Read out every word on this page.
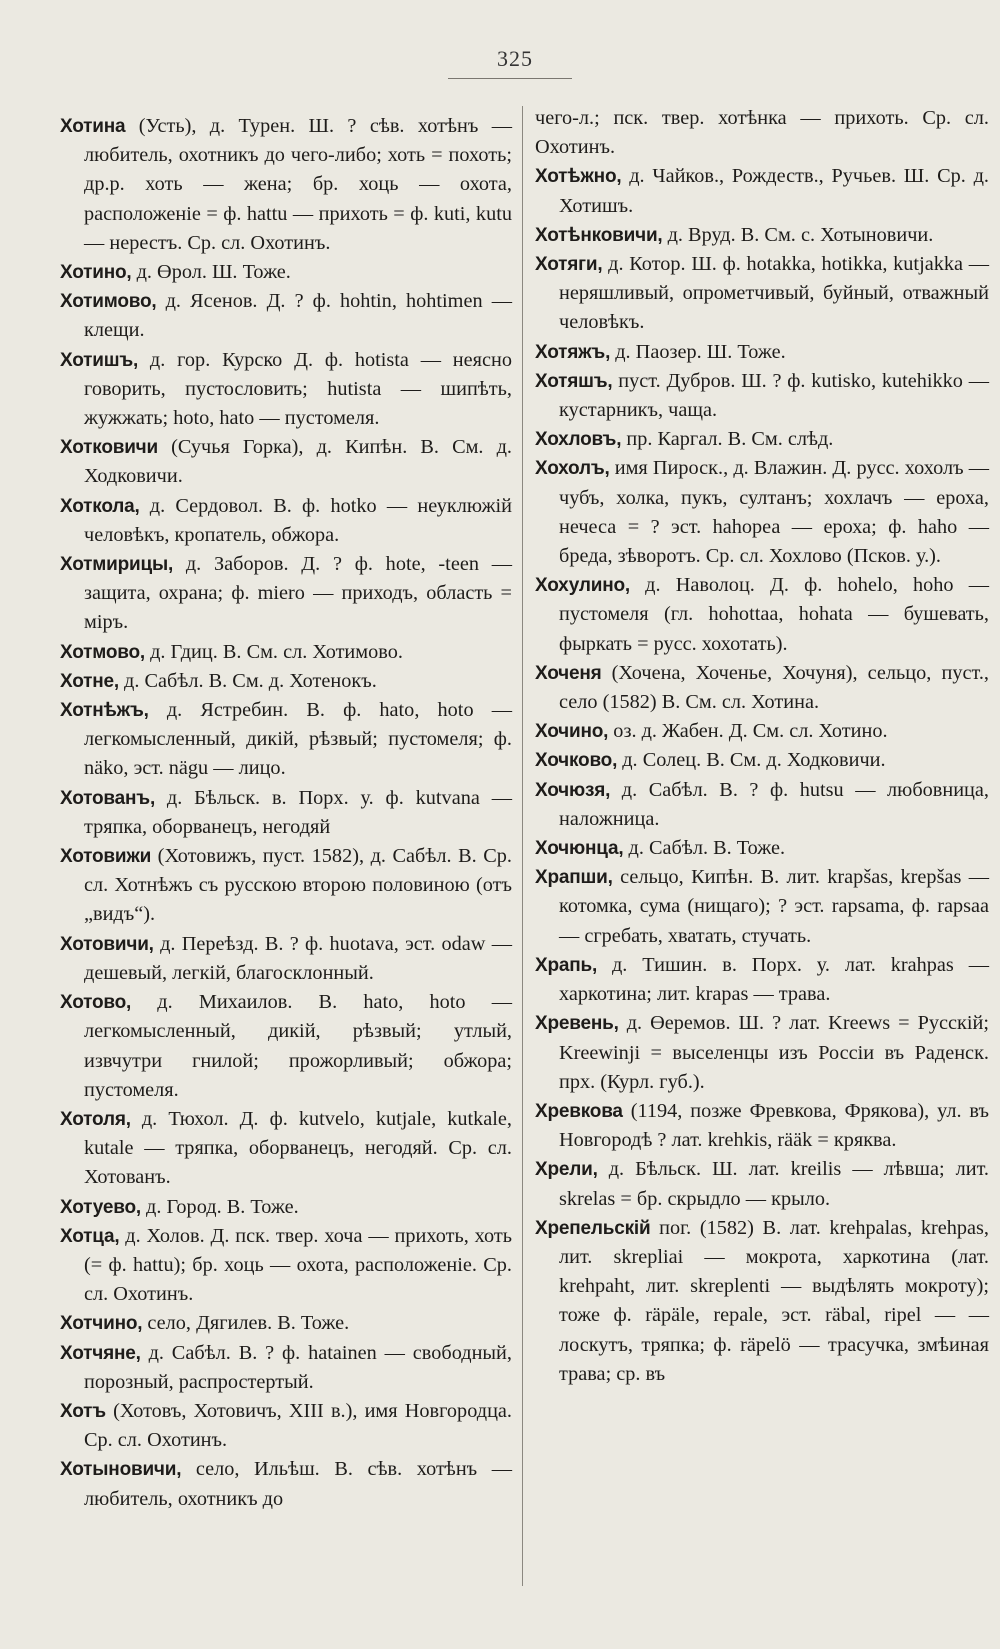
325

Хотина (Усть), д. Турен. Ш. ? сѣв. хотѣнъ — любитель, охотникъ до чего-либо; хоть = похоть; др.р. хоть — жена; бр. хоць — охота, расположеніе = ф. hattu — прихоть = ф. kuti, kutu — нерестъ. Ср. сл. Охотинъ.

Хотино, д. Өрол. Ш. Тоже.

Хотимово, д. Ясенов. Д. ? ф. hohtin, hohtimen — клещи.

Хотишъ, д. гор. Курско Д. ф. hotista — неясно говорить, пустословить; hutista — шипѣть, жужжать; hoto, hato — пустомеля.

Хотковичи (Сучья Горка), д. Кипѣн. В. См. д. Ходковичи.

Хоткола, д. Сердовол. В. ф. hotko — неуклюжій человѣкъ, кропатель, обжора.

Хотмирицы, д. Заборов. Д. ? ф. hote, -teen — защита, охрана; ф. miero — приходъ, область = міръ.

Хотмово, д. Гдиц. В. См. сл. Хотимово.

Хотне, д. Сабѣл. В. См. д. Хотенокъ.

Хотнѣжъ, д. Ястребин. В. ф. hato, hoto — легкомысленный, дикій, рѣзвый; пустомеля; ф. näko, эст. nägu — лицо.

Хотованъ, д. Бѣльск. в. Порх. у. ф. kutvana — тряпка, оборванецъ, негодяй

Хотовижи (Хотовижъ, пуст. 1582), д. Сабѣл. В. Ср. сл. Хотнѣжъ съ русскою второю половиною (отъ „видъ“).

Хотовичи, д. Переѣзд. В. ? ф. huotava, эст. odaw — дешевый, легкій, благосклонный.

Хотово, д. Михаилов. В. hato, hoto — легкомысленный, дикій, рѣзвый; утлый, извчутри гнилой; прожорливый; обжора; пустомеля.

Хотоля, д. Тюхол. Д. ф. kutvelo, kutjale, kutkale, kutale — тряпка, оборванецъ, негодяй. Ср. сл. Хотованъ.

Хотуево, д. Город. В. Тоже.

Хотца, д. Холов. Д. пск. твер. хоча — прихоть, хоть (= ф. hattu); бр. хоць — охота, расположеніе. Ср. сл. Охотинъ.

Хотчино, село, Дягилев. В. Тоже.

Хотчяне, д. Сабѣл. В. ? ф. hatainen — свободный, порозный, распростертый.

Хотъ (Хотовъ, Хотовичъ, XIII в.), имя Новгородца. Ср. сл. Охотинъ.

Хотыновичи, село, Ильѣш. В. сѣв. хотѣнъ — любитель, охотникъ до

чего-л.; пск. твер. хотѣнка — прихоть. Ср. сл. Охотинъ.

Хотѣжно, д. Чайков., Рождеств., Ручьев. Ш. Ср. д. Хотишъ.

Хотѣнковичи, д. Вруд. В. См. с. Хотыновичи.

Хотяги, д. Котор. Ш. ф. hotakka, hotikka, kutjakka — неряшливый, опрометчивый, буйный, отважный человѣкъ.

Хотяжъ, д. Паозер. Ш. Тоже.

Хотяшъ, пуст. Дубров. Ш. ? ф. kutisko, kutehikko — кустарникъ, чаща.

Хохловъ, пр. Каргал. В. См. слѣд.

Хохолъ, имя Пироск., д. Влажин. Д. русс. хохолъ — чубъ, холка, пукъ, султанъ; хохлачъ — ероха, нечеса = ? эст. hahoреа — ероха; ф. haho — бреда, зѣворотъ. Ср. сл. Хохлово (Псков. у.).

Хохулино, д. Наволоц. Д. ф. hohelo, hoho — пустомеля (гл. hohottaa, hohata — бушевать, фыркать = русс. хохотать).

Хоченя (Хочена, Хоченье, Хочуня), сельцо, пуст., село (1582) В. См. сл. Хотина.

Хочино, оз. д. Жабен. Д. См. сл. Хотино.

Хочково, д. Солец. В. См. д. Ходковичи.

Хочюзя, д. Сабѣл. В. ? ф. hutsu — любовница, наложница.

Хочюнца, д. Сабѣл. В. Тоже.

Храпши, сельцо, Кипѣн. В. лит. krapšas, krepšas — котомка, сума (нищаго); ? эст. rapsama, ф. rapsaa — сгребать, хватать, стучать.

Храпь, д. Тишин. в. Порх. у. лат. krahpas — харкотина; лит. krapas — трава.

Хревень, д. Өеремов. Ш. ? лат. Kreews = Русскій; Kreewinji = выселенцы изъ Россіи въ Раденск. прх. (Курл. губ.).

Хревкова (1194, позже Фревкова, Фрякова), ул. въ Новгородѣ ? лат. krehkis, rääk = кряква.

Хрели, д. Бѣльск. Ш. лат. kreilis — лѣвша; лит. skrelas = бр. скрыдло — крыло.

Хрепельскій пог. (1582) В. лат. krehpalas, krehpas, лит. skrepliai — мокрота, харкотина (лат. krehpaht, лит. skreplenti — выдѣлять мокроту); тоже ф. räpäle, repale, эст. räbal, ripel — — лоскутъ, тряпка; ф. räpelö — трасучка, змѣиная трава; ср. въ
